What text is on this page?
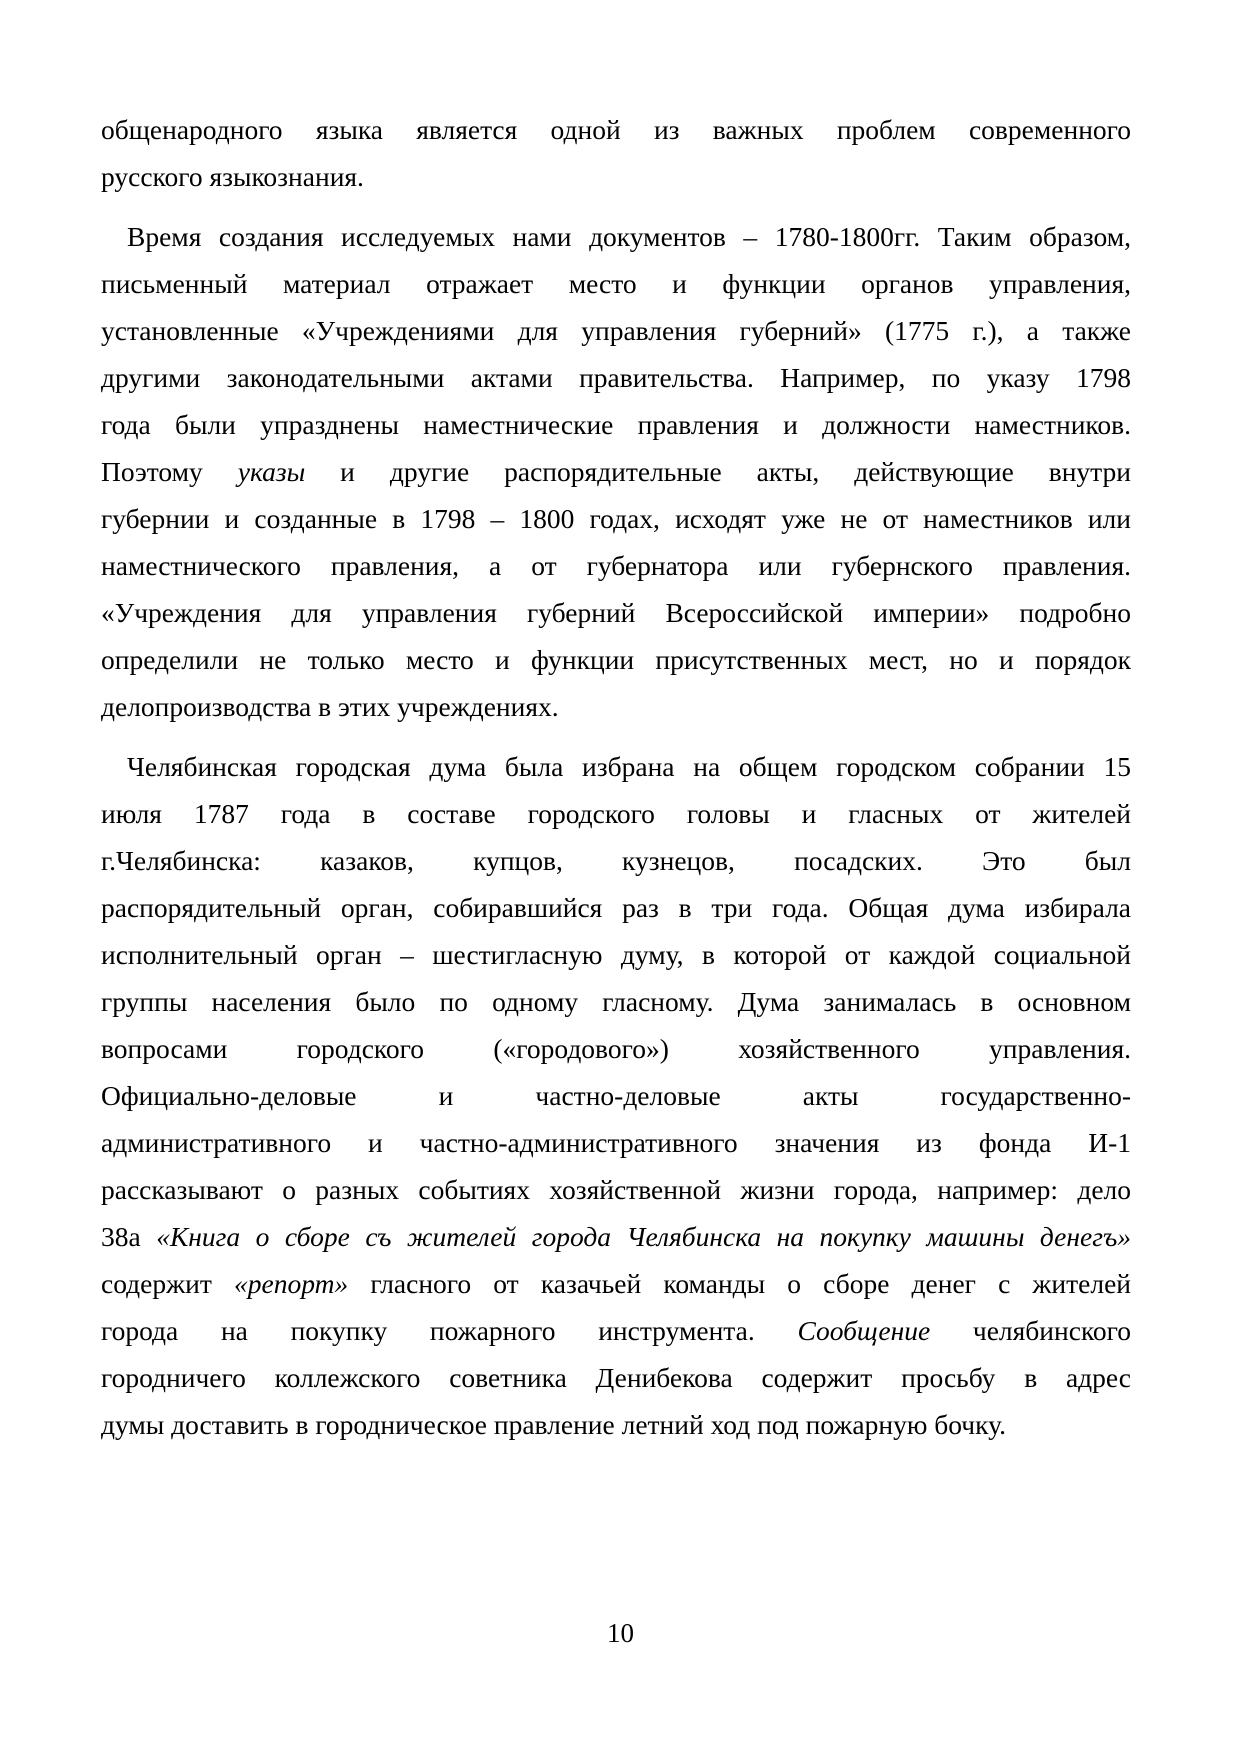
общенародного языка является одной из важных проблем современного
русского языкознания.

Время создания исследуемых нами документов – 1780-1800гг. Таким образом,
письменный материал отражает место и функции органов управления,
установленные «Учреждениями для управления губерний» (1775 г.), а также
другими законодательными актами правительства. Например, по указу 1798
года были упразднены наместнические правления и должности наместников.
Поэтому указы и другие распорядительные акты, действующие внутри
губернии и созданные в 1798 – 1800 годах, исходят уже не от наместников или
наместнического правления, а от губернатора или губернского правления.
«Учреждения для управления губерний Всероссийской империи» подробно
определили не только место и функции присутственных мест, но и порядок
делопроизводства в этих учреждениях.

Челябинская городская дума была избрана на общем городском собрании 15
июля 1787 года в составе городского головы и гласных от жителей
г.Челябинска: казаков, купцов, кузнецов, посадских. Это был
распорядительный орган, собиравшийся раз в три года. Общая дума избирала
исполнительный орган – шестигласную думу, в которой от каждой социальной
группы населения было по одному гласному. Дума занималась в основном
вопросами городского («городового») хозяйственного управления.
Официально-деловые и частно-деловые акты государственно-
административного и частно-административного значения из фонда И-1
рассказывают о разных событиях хозяйственной жизни города, например: дело
38а «Книга о сборе съ жителей города Челябинска на покупку машины денегъ»
содержит «репорт» гласного от казачьей команды о сборе денег с жителей
города на покупку пожарного инструмента. Сообщение челябинского
городничего коллежского советника Денибекова содержит просьбу в адрес
думы доставить в городническое правление летний ход под пожарную бочку.

10
